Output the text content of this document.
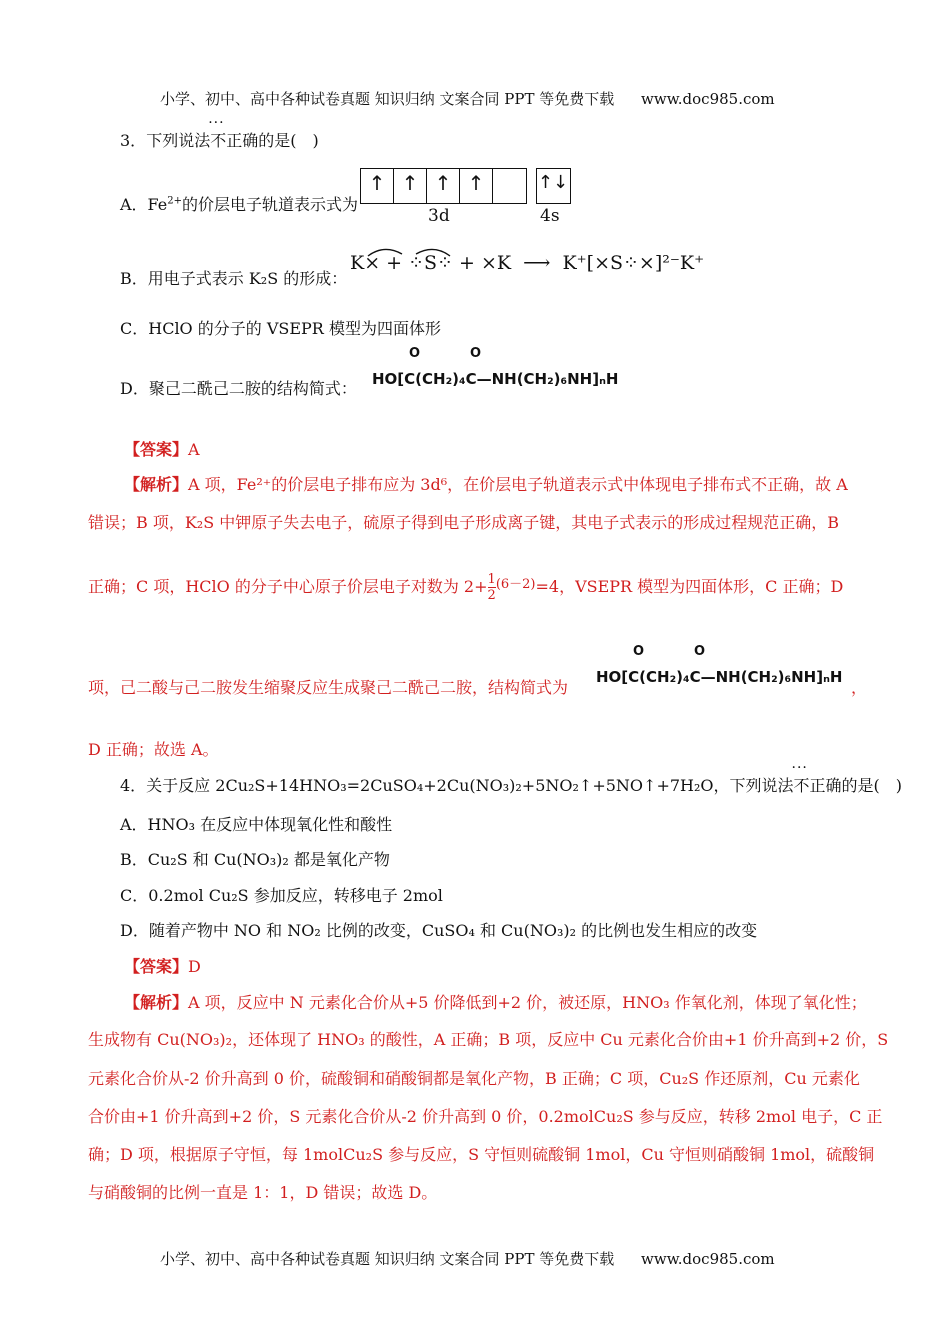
小学、初中、高中各种试卷真题 知识归纳 文案合同 PPT 等免费下载 www.doc985.com
3．下列说法··· 不正确的是(　)
A．$Fe^{2+}$的价层电子轨道表示式为
↑ ↑ ↑ ↑	↑↓
3d	4s
B．用电子式表示 K₂S 的形成：
K× + ⁘S⁘ + ×K ⟶ K⁺[×S⁘×]²⁻K⁺
C．HClO 的分子的 VSEPR 模型为四面体形
D．聚己二酰己二胺的结构简式： HO[C(CH₂)₄C—NH(CH₂)₆NH]ₙH
O	O
【答案】A
【解析】A 项，Fe²⁺的价层电子排布应为 3d⁶，在价层电子轨道表示式中体现电子排布式不正确，故 A
错误；B 项，K₂S 中钾原子失去电子，硫原子得到电子形成离子键，其电子式表示的形成过程规范正确，B
正确；C 项，HClO 的分子中心原子价层电子对数为 $2+ \frac{1}{2} ^{(6-2)}=4$，VSEPR 模型为四面体形，C 正确；D
项，己二酸与己二胺发生缩聚反应生成聚己二酰己二胺，结构简式为
HO[C(CH₂)₄C—NH(CH₂)₆NH]ₙH
O	O
，
D 正确；故选 A。
4．关于反应 2Cu₂S+14HNO₃=2CuSO₄+2Cu(NO₃)₂+5NO₂↑+5NO↑+7H₂O，下列说法··· 不正确的是(　)
A．HNO₃ 在反应中体现氧化性和酸性
B．Cu₂S 和 Cu(NO₃)₂ 都是氧化产物
C．0.2mol Cu₂S 参加反应，转移电子 2mol
D．随着产物中 NO 和 NO₂ 比例的改变，CuSO₄ 和 Cu(NO₃)₂ 的比例也发生相应的改变
【答案】D
【解析】A 项，反应中 N 元素化合价从+5 价降低到+2 价，被还原，HNO₃ 作氧化剂，体现了氧化性；
生成物有 Cu(NO₃)₂，还体现了 HNO₃ 的酸性，A 正确；B 项，反应中 Cu 元素化合价由+1 价升高到+2 价，S
元素化合价从-2 价升高到 0 价，硫酸铜和硝酸铜都是氧化产物，B 正确；C 项，Cu₂S 作还原剂，Cu 元素化
合价由+1 价升高到+2 价，S 元素化合价从-2 价升高到 0 价，0.2molCu₂S 参与反应，转移 2mol 电子，C 正
确；D 项，根据原子守恒，每 1molCu₂S 参与反应，S 守恒则硫酸铜 1mol，Cu 守恒则硝酸铜 1mol，硫酸铜
与硝酸铜的比例一直是 1：1，D 错误；故选 D。
小学、初中、高中各种试卷真题 知识归纳 文案合同 PPT 等免费下载 www.doc985.com
